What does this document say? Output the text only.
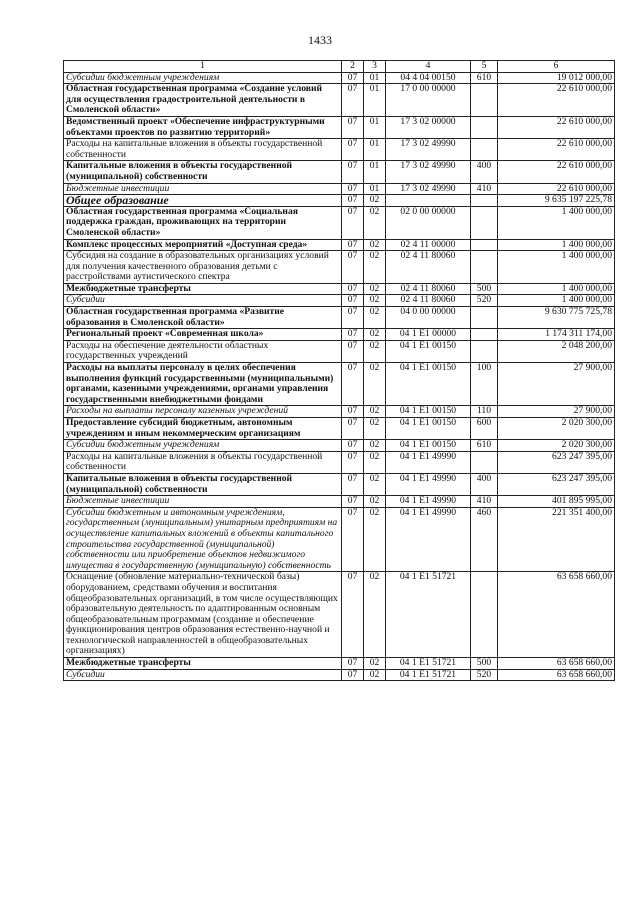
1433
1	2	3	4	5	6
Субсидии бюджетным учреждениям	07	01	04 4 04 00150	610	19 012 000,00
Областная государственная программа «Создание условий для осуществления градостроительной деятельности в Смоленской области»	07	01	17 0 00 00000		22 610 000,00
Ведомственный проект «Обеспечение инфраструктурными объектами проектов по развитию территорий»	07	01	17 3 02 00000		22 610 000,00
Расходы на капитальные вложения в объекты государственной собственности	07	01	17 3 02 49990		22 610 000,00
Капитальные вложения в объекты государственной (муниципальной) собственности	07	01	17 3 02 49990	400	22 610 000,00
Бюджетные инвестиции	07	01	17 3 02 49990	410	22 610 000,00
Общее образование	07	02			9 635 197 225,78
Областная государственная программа «Социальная поддержка граждан, проживающих на территории Смоленской области»	07	02	02 0 00 00000		1 400 000,00
Комплекс процессных мероприятий «Доступная среда»	07	02	02 4 11 00000		1 400 000,00
Субсидия на создание в образовательных организациях условий для получения качественного образования детьми с расстройствами аутистического спектра	07	02	02 4 11 80060		1 400 000,00
Межбюджетные трансферты	07	02	02 4 11 80060	500	1 400 000,00
Субсидии	07	02	02 4 11 80060	520	1 400 000,00
Областная государственная программа «Развитие образования в Смоленской области»	07	02	04 0 00 00000		9 630 775 725,78
Региональный проект «Современная школа»	07	02	04 1 Е1 00000		1 174 311 174,00
Расходы на обеспечение деятельности областных государственных учреждений	07	02	04 1 Е1 00150		2 048 200,00
Расходы на выплаты персоналу в целях обеспечения выполнения функций государственными (муниципальными) органами, казенными учреждениями, органами управления государственными внебюджетными фондами	07	02	04 1 Е1 00150	100	27 900,00
Расходы на выплаты персоналу казенных учреждений	07	02	04 1 Е1 00150	110	27 900,00
Предоставление субсидий бюджетным, автономным учреждениям и иным некоммерческим организациям	07	02	04 1 Е1 00150	600	2 020 300,00
Субсидии бюджетным учреждениям	07	02	04 1 Е1 00150	610	2 020 300,00
Расходы на капитальные вложения в объекты государственной собственности	07	02	04 1 Е1 49990		623 247 395,00
Капитальные вложения в объекты государственной (муниципальной) собственности	07	02	04 1 Е1 49990	400	623 247 395,00
Бюджетные инвестиции	07	02	04 1 Е1 49990	410	401 895 995,00
Субсидии бюджетным и автономным учреждениям, государственным (муниципальным) унитарным предприятиям на осуществление капитальных вложений в объекты капитального строительства государственной (муниципальной) собственности или приобретение объектов недвижимого имущества в государственную (муниципальную) собственность	07	02	04 1 Е1 49990	460	221 351 400,00
Оснащение (обновление материально-технической базы) оборудованием, средствами обучения и воспитания общеобразовательных организаций, в том числе осуществляющих образовательную деятельность по адаптированным основным общеобразовательным программам (создание и обеспечение функционирования центров образования естественно-научной и технологической направленностей в общеобразовательных организациях)	07	02	04 1 Е1 51721		63 658 660,00
Межбюджетные трансферты	07	02	04 1 Е1 51721	500	63 658 660,00
Субсидии	07	02	04 1 Е1 51721	520	63 658 660,00
